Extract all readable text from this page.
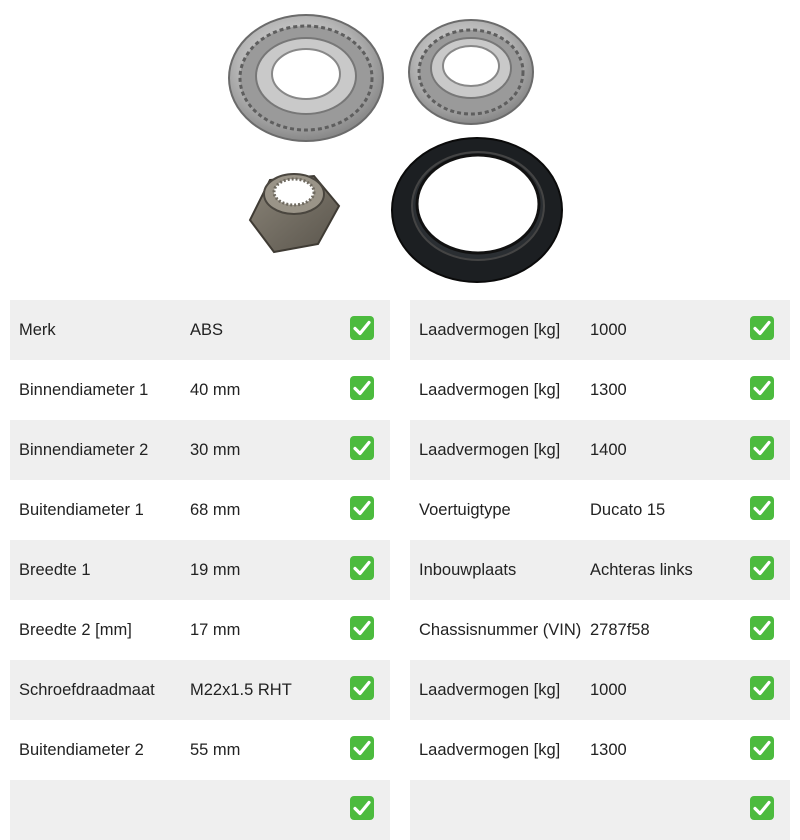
Merk	ABS
Binnendiameter 1	40 mm
Binnendiameter 2	30 mm
Buitendiameter 1	68 mm
Breedte 1	19 mm
Breedte 2 [mm]	17 mm
Schroefdraadmaat M22x1.5 RHT
Buitendiameter 2	55 mm
Laadvermogen [kg] 1000
Laadvermogen [kg] 1300
Laadvermogen [kg] 1400
Voertuigtype	Ducato 15
Inbouwplaats	Achteras links
Chassisnummer (VIN) 2787f58
Laadvermogen [kg] 1000
Laadvermogen [kg] 1300
